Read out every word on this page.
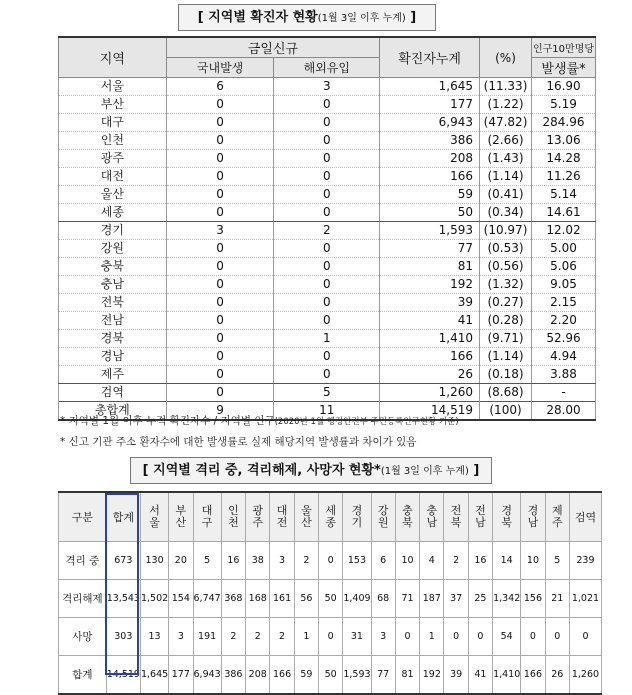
[ 지역별 확진자 현황(1월 3일 이후 누계) ]
지역	금일신규		확진자누계	(%)	인구10만명당
	국내발생	해외유입			발생률*
서울	6	3	1,645	(11.33)	16.90
부산	0	0	177	(1.22)	5.19
대구	0	0	6,943	(47.82)	284.96
인천	0	0	386	(2.66)	13.06
광주	0	0	208	(1.43)	14.28
대전	0	0	166	(1.14)	11.26
울산	0	0	59	(0.41)	5.14
세종	0	0	50	(0.34)	14.61
경기	3	2	1,593	(10.97)	12.02
강원	0	0	77	(0.53)	5.00
충북	0	0	81	(0.56)	5.06
충남	0	0	192	(1.32)	9.05
전북	0	0	39	(0.27)	2.15
전남	0	0	41	(0.28)	2.20
경북	0	1	1,410	(9.71)	52.96
경남	0	0	166	(1.14)	4.94
제주	0	0	26	(0.18)	3.88
검역	0	5	1,260	(8.68)	-
총합계	9	11	14,519	(100)	28.00
* 지역별 1월 이후 누적 확진자수 / 지역별 인구(2020년 1월 행정안전부 주민등록인구현황 기준)
* 신고 기관 주소 환자수에 대한 발생률로 실제 해당지역 발생률과 차이가 있음
[ 지역별 격리 중, 격리해제, 사망자 현황*(1월 3일 이후 누계) ]
구분	합계	서울	부산	대구	인천	광주	대전	울산	세종	경기	강원	충북	충남	전북	전남	경북	경남	제주	검역
격리 중	673	130	20	5	16	38	3	2	0	153	6	10	4	2	16	14	10	5	239
격리해제	13,543	1,502	154	6,747	368	168	161	56	50	1,409	68	71	187	37	25	1,342	156	21	1,021
사망	303	13	3	191	2	2	2	1	0	31	3	0	1	0	0	54	0	0	0
합계	14,519	1,645	177	6,943	386	208	166	59	50	1,593	77	81	192	39	41	1,410	166	26	1,260
